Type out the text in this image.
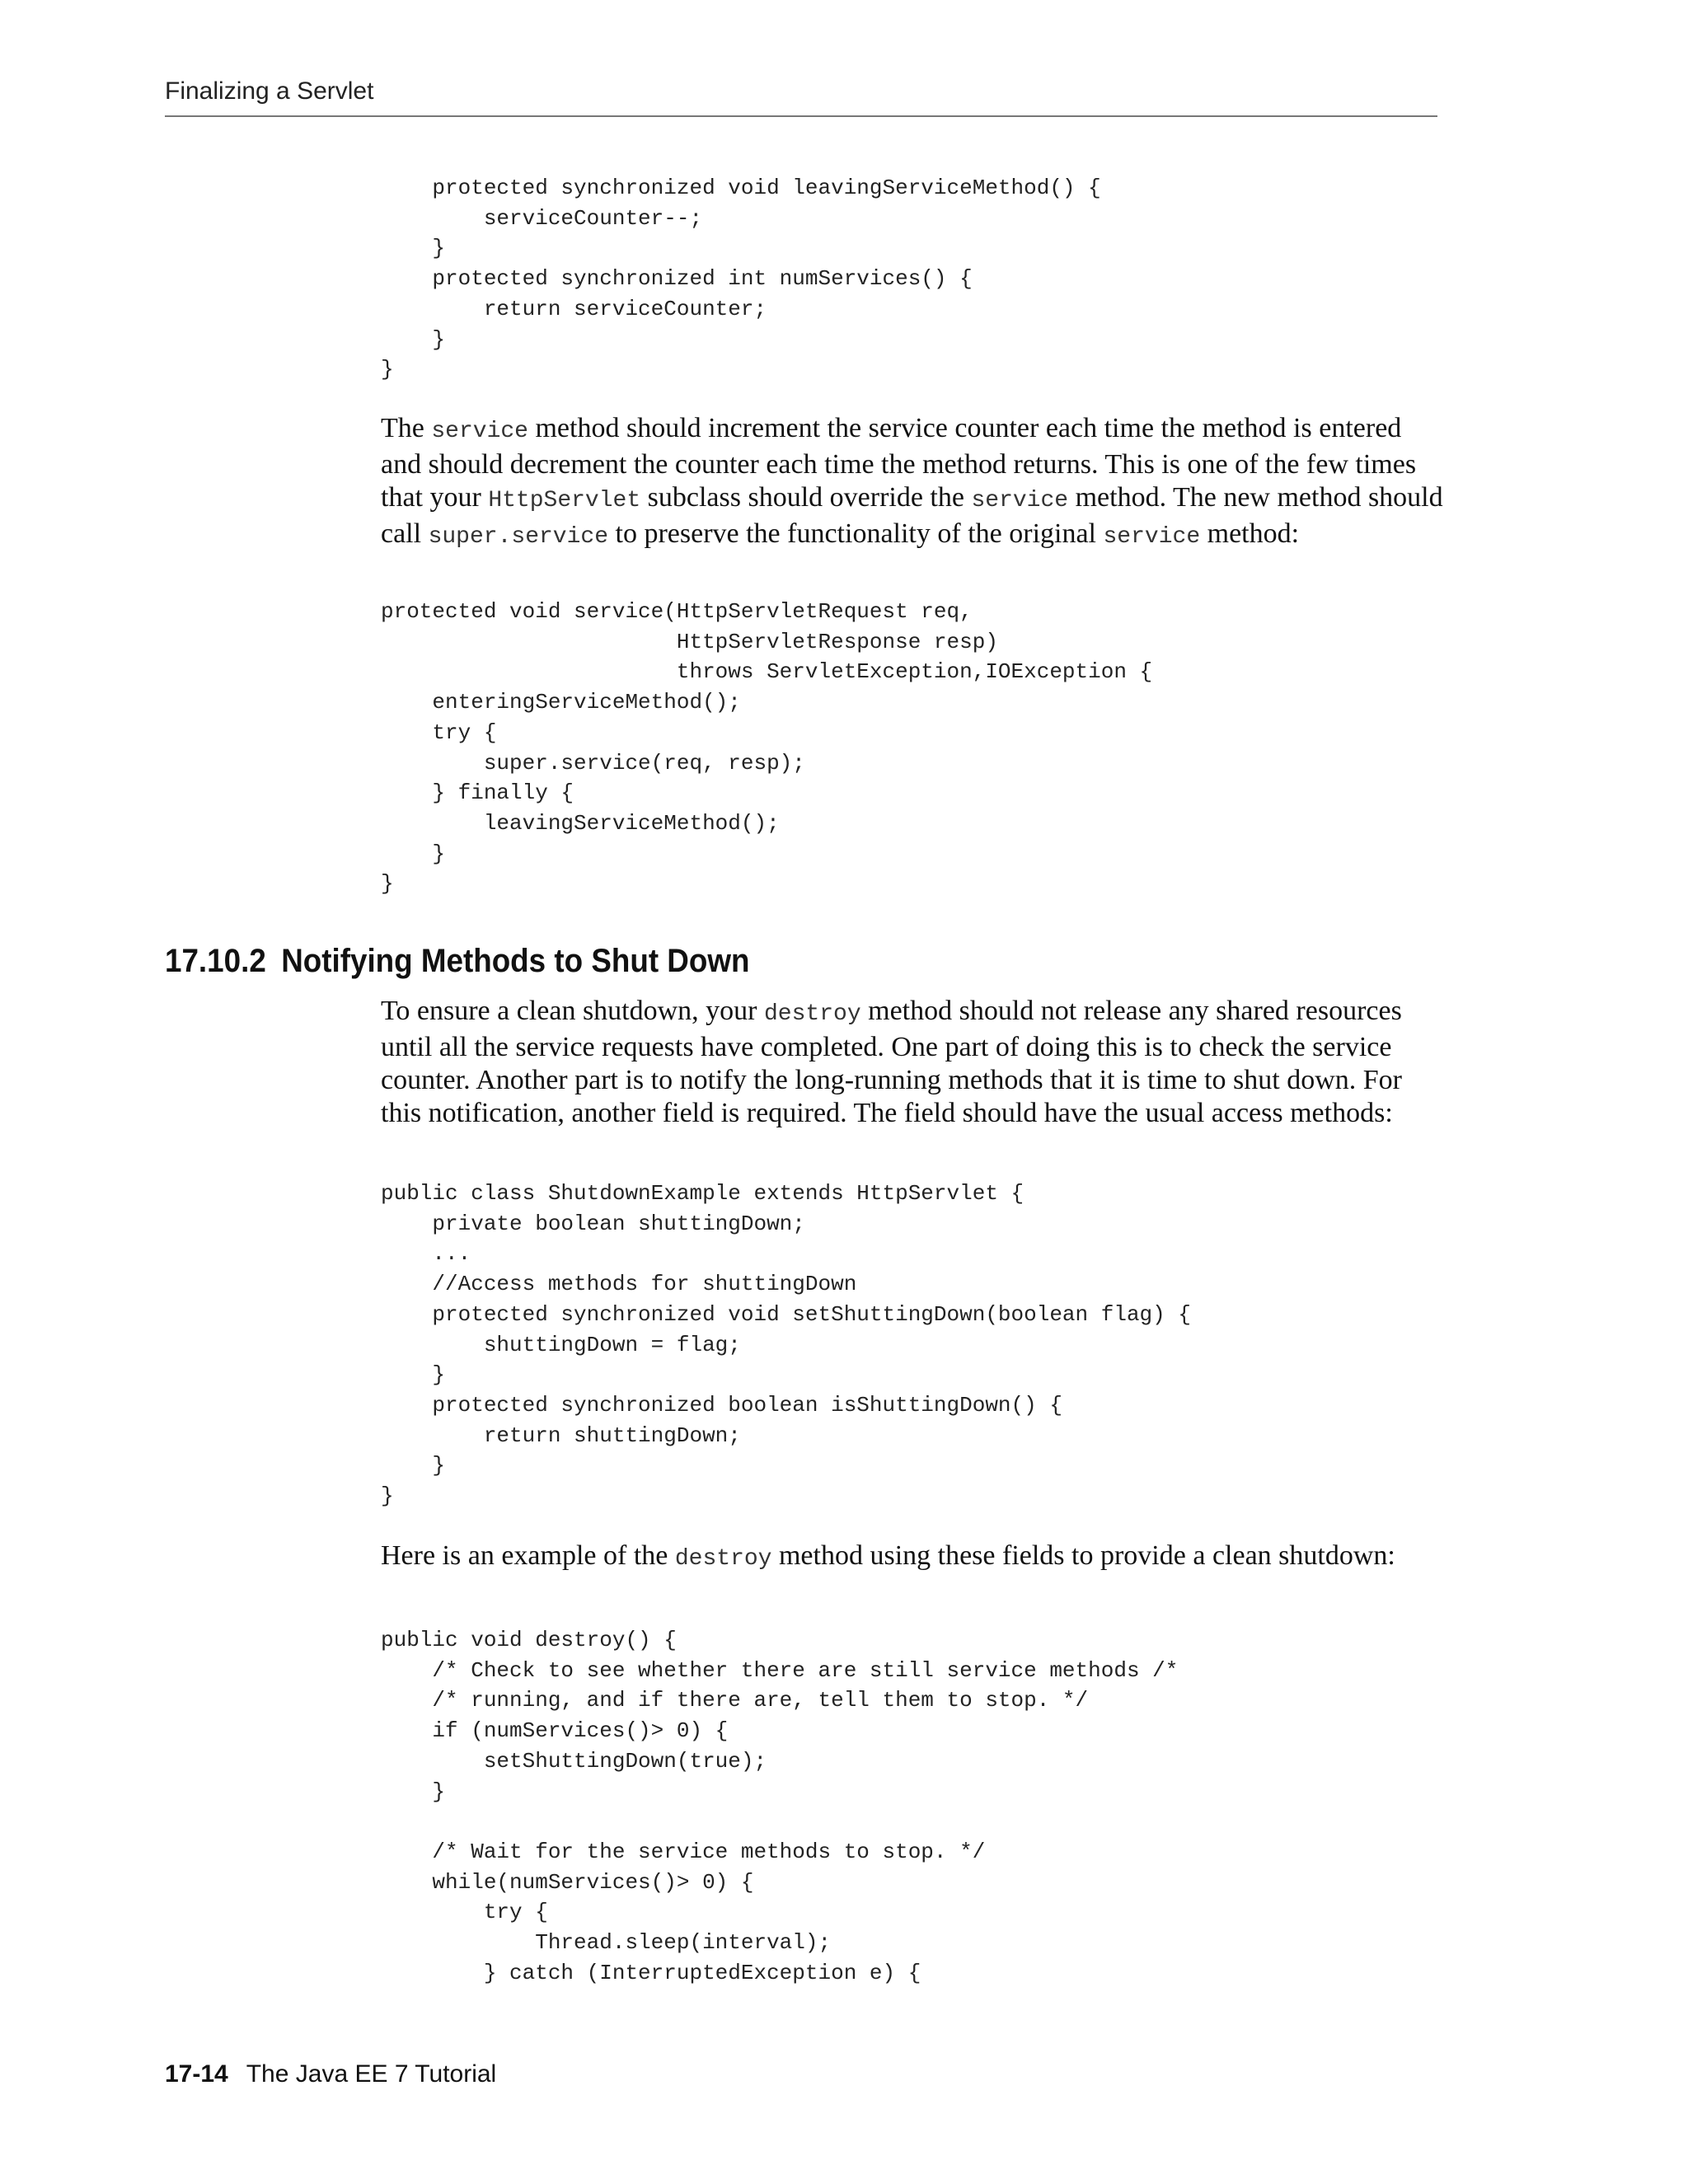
Finalizing a Servlet
protected synchronized void leavingServiceMethod() {
serviceCounter--;
}
protected synchronized int numServices() {
return serviceCounter;
}
}

The service method should increment the service counter each time the method is entered and should decrement the counter each time the method returns. This is one of the few times that your HttpServlet subclass should override the service method. The new method should call super.service to preserve the functionality of the original service method:

protected void service(HttpServletRequest req,
HttpServletResponse resp)
throws ServletException,IOException {
enteringServiceMethod();
try {
super.service(req, resp);
} finally {
leavingServiceMethod();
}
}
17.10.2 Notifying Methods to Shut Down

To ensure a clean shutdown, your destroy method should not release any shared resources until all the service requests have completed. One part of doing this is to check the service counter. Another part is to notify the long-running methods that it is time to shut down. For this notification, another field is required. The field should have the usual access methods:

public class ShutdownExample extends HttpServlet {
private boolean shuttingDown;
...
//Access methods for shuttingDown
protected synchronized void setShuttingDown(boolean flag) {
shuttingDown = flag;
}
protected synchronized boolean isShuttingDown() {
return shuttingDown;
}
}

Here is an example of the destroy method using these fields to provide a clean shutdown:

public void destroy() {
/* Check to see whether there are still service methods /*
/* running, and if there are, tell them to stop. */
if (numServices()> 0) {
setShuttingDown(true);
}

/* Wait for the service methods to stop. */
while(numServices()> 0) {
try {
Thread.sleep(interval);
} catch (InterruptedException e) {
17-14 The Java EE 7 Tutorial
